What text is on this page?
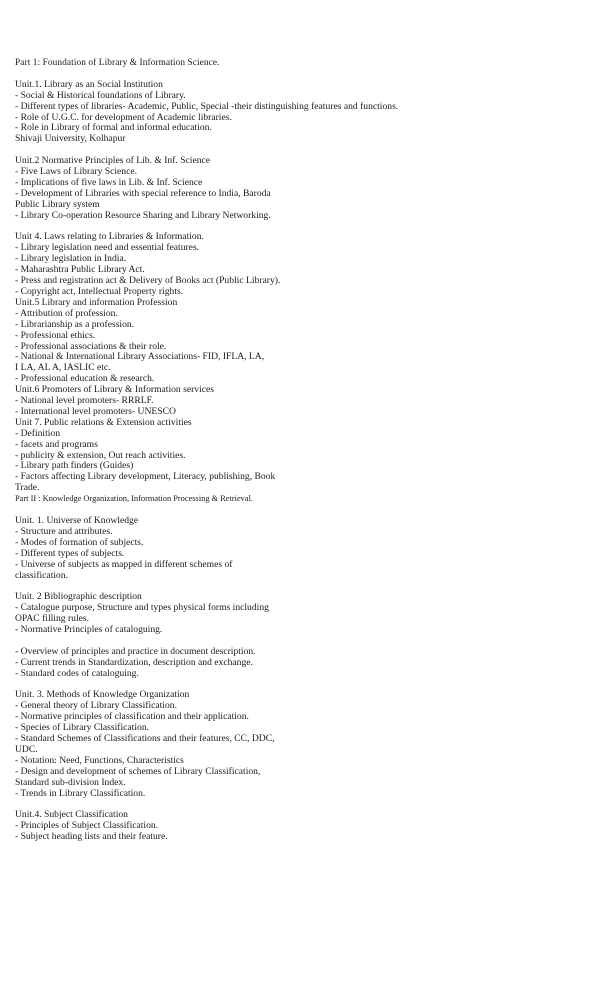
Part 1: Foundation of Library & Information Science.
Unit.1. Library as an Social Institution
- Social & Historical foundations of Library.
- Different types of libraries- Academic, Public, Special -their distinguishing features and functions.
- Role of U.G.C. for development of Academic libraries.
- Role in Library of formal and informal education.
Shivaji University, Kolhapur
Unit.2 Normative Principles of Lib. & Inf. Science
- Five Laws of Library Science.
- Implications of five laws in Lib. & Inf. Science
- Development of Libraries with special reference to India, Baroda
Public Library system
- Library Co-operation Resource Sharing and Library Networking.
Unit 4. Laws relating to Libraries & Information.
- Library legislation need and essential features.
- Library legislation in India.
- Maharashtra Public Library Act.
- Press and registration act & Delivery of Books act (Public Library).
- Copyright act, Intellectual Property rights.
Unit.5 Library and information Profession
- Attribution of profession.
- Librarianship as a profession.
- Professional ethics.
- Professional associations & their role.
- National & International Library Associations- FID, IFLA, LA,
I LA, AL A, IASLIC etc.
- Professional education & research.
Unit.6 Promoters of Library & Information services
- National level promoters- RRRLF.
- International level promoters- UNESCO
Unit 7. Public relations & Extension activities
- Definition
- facets and programs
- publicity & extension, Out reach activities.
- Library path finders (Guides)
- Factors affecting Library development, Literacy, publishing, Book
Trade.
Part II : Knowledge Organization, Information Processing & Retrieval.
Unit. 1. Universe of Knowledge
- Structure and attributes.
- Modes of formation of subjects.
- Different types of subjects.
- Universe of subjects as mapped in different schemes of
classification.
Unit. 2 Bibliographic description
- Catalogue purpose, Structure and types physical forms including
OPAC filling rules.
- Normative Principles of cataloguing.
- Overview of principles and practice in document description.
- Current trends in Standardization, description and exchange.
- Standard codes of cataloguing.
Unit. 3. Methods of Knowledge Organization
- General theory of Library Classification.
- Normative principles of classification and their application.
- Species of Library Classification.
- Standard Schemes of Classifications and their features, CC, DDC,
UDC.
- Notation: Need, Functions, Characteristics
- Design and development of schemes of Library Classification,
Standard sub-division Index.
- Trends in Library Classification.
Unit.4. Subject Classification
- Principles of Subject Classification.
- Subject heading lists and their feature.
